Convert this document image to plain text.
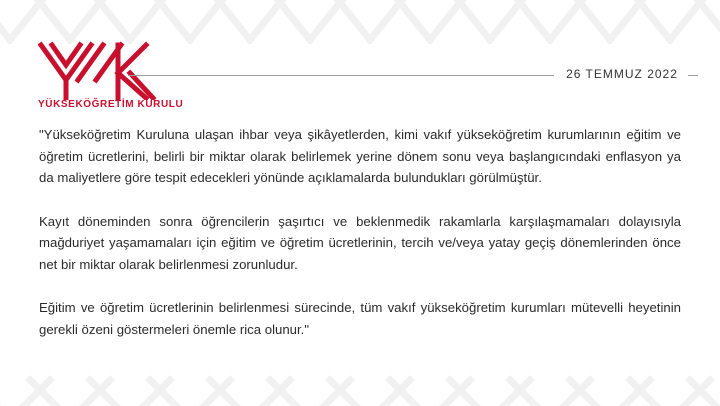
YÜKSEKÖĞRETİM KURULU
26 TEMMUZ 2022

"Yükseköğretim Kuruluna ulaşan ihbar veya şikâyetlerden, kimi vakıf yükseköğretim kurumlarının eğitim ve öğretim ücretlerini, belirli bir miktar olarak belirlemek yerine dönem sonu veya başlangıcındaki enflasyon ya da maliyetlere göre tespit edecekleri yönünde açıklamalarda bulundukları görülmüştür.

Kayıt döneminden sonra öğrencilerin şaşırtıcı ve beklenmedik rakamlarla karşılaşmamaları dolayısıyla mağduriyet yaşamamaları için eğitim ve öğretim ücretlerinin, tercih ve/veya yatay geçiş dönemlerinden önce net bir miktar olarak belirlenmesi zorunludur.

Eğitim ve öğretim ücretlerinin belirlenmesi sürecinde, tüm vakıf yükseköğretim kurumları mütevelli heyetinin gerekli özeni göstermeleri önemle rica olunur."
